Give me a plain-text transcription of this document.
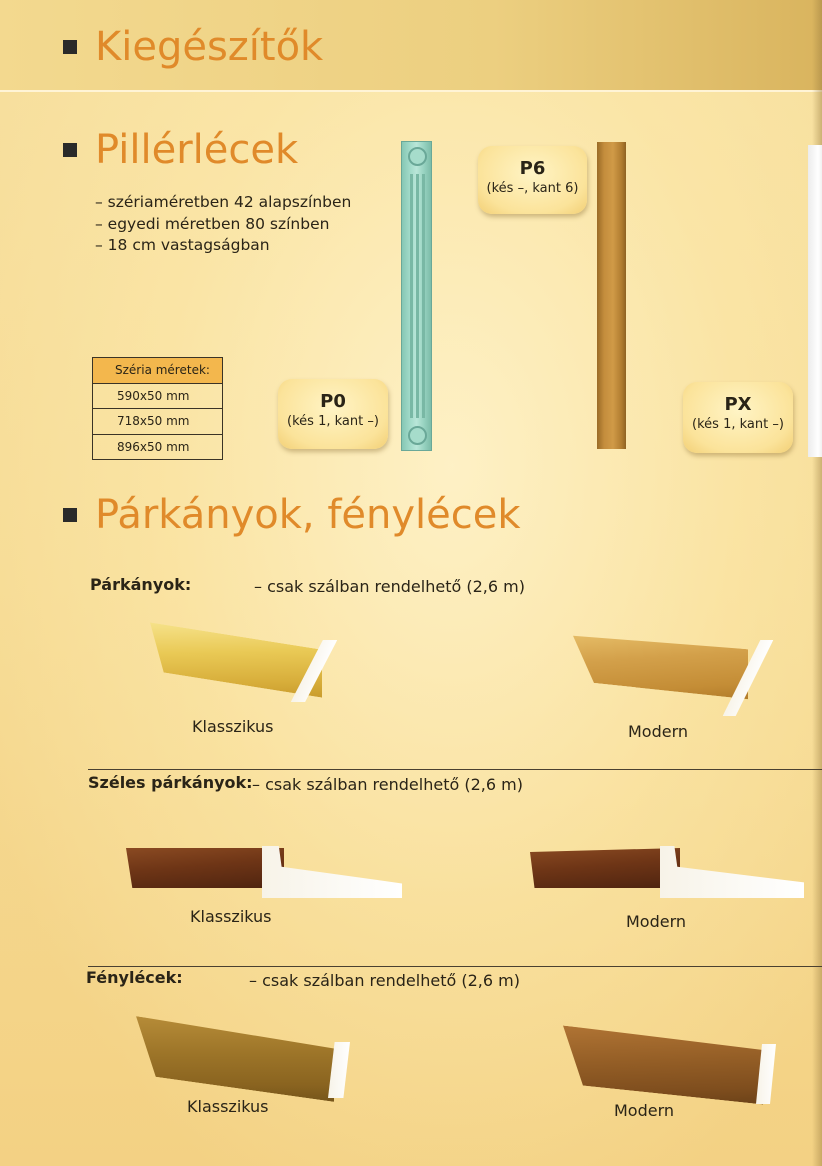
Kiegészítők
Pillérlécek
– szériaméretben 42 alapszínben
– egyedi méretben 80 színben
– 18 cm vastagságban
Széria méretek:
590x50 mm
718x50 mm
896x50 mm
P0
(kés 1, kant –)
P6
(kés –, kant 6)
PX
(kés 1, kant –)
Párkányok, fénylécek
Párkányok:	– csak szálban rendelhető (2,6 m)
Klasszikus	Modern
Széles párkányok: – csak szálban rendelhető (2,6 m)
Klasszikus	Modern
Fénylécek:	– csak szálban rendelhető (2,6 m)
Klasszikus	Modern
